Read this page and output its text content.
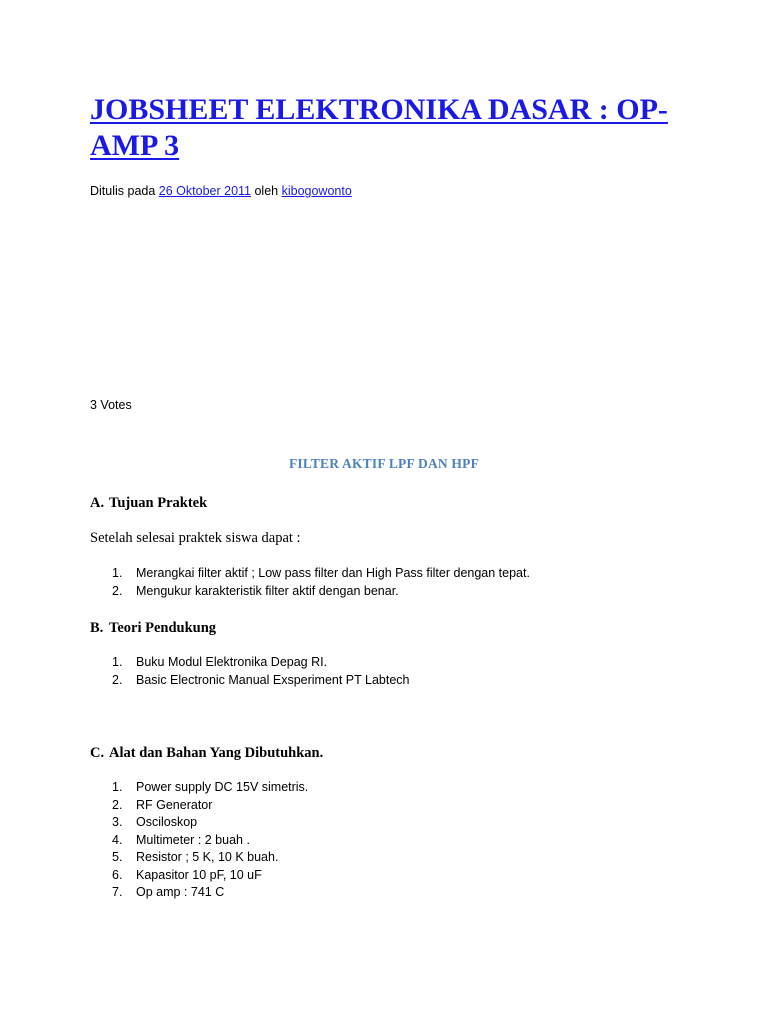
JOBSHEET ELEKTRONIKA DASAR : OP-AMP 3
Ditulis pada 26 Oktober 2011 oleh kibogowonto
3 Votes
FILTER AKTIF LPF DAN HPF
A. Tujuan Praktek
Setelah selesai praktek siswa dapat :
1. Merangkai filter aktif ; Low pass filter dan High Pass filter dengan tepat.
2. Mengukur karakteristik filter aktif dengan benar.
B. Teori Pendukung
1. Buku Modul Elektronika Depag RI.
2. Basic Electronic Manual Exsperiment PT Labtech
C. Alat dan Bahan Yang Dibutuhkan.
1. Power supply DC 15V simetris.
2. RF Generator
3. Osciloskop
4. Multimeter : 2 buah .
5. Resistor ; 5 K, 10 K buah.
6. Kapasitor 10 pF, 10 uF
7. Op amp : 741 C
